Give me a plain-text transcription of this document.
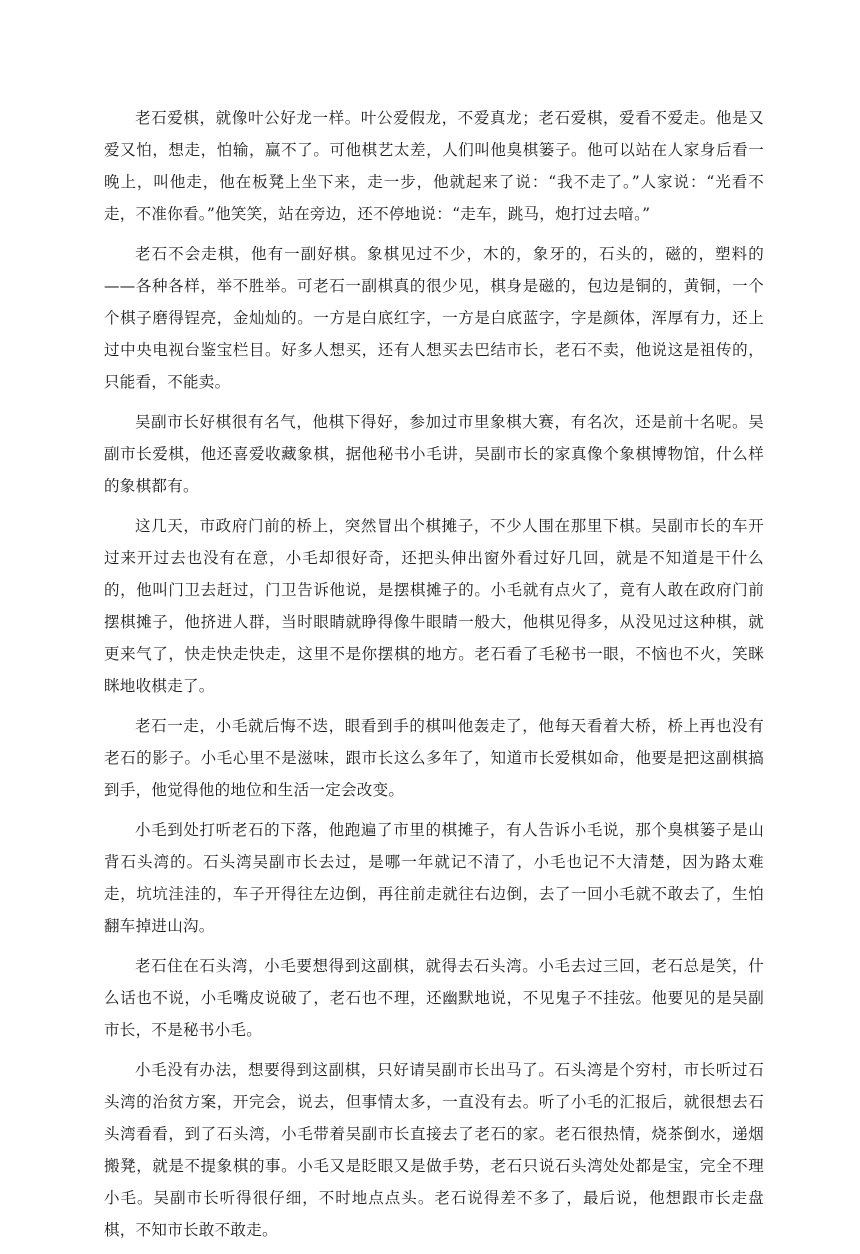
老石爱棋，就像叶公好龙一样。叶公爱假龙，不爱真龙；老石爱棋，爱看不爱走。他是又爱又怕，想走，怕输，赢不了。可他棋艺太差，人们叫他臭棋篓子。他可以站在人家身后看一晚上，叫他走，他在板凳上坐下来，走一步，他就起来了说：“我不走了。”人家说：“光看不走，不准你看。”他笑笑，站在旁边，还不停地说：“走车，跳马，炮打过去喑。”

老石不会走棋，他有一副好棋。象棋见过不少，木的，象牙的，石头的，磁的，塑料的——各种各样，举不胜举。可老石一副棋真的很少见，棋身是磁的，包边是铜的，黄铜，一个个棋子磨得锃亮，金灿灿的。一方是白底红字，一方是白底蓝字，字是颜体，浑厚有力，还上过中央电视台鉴宝栏目。好多人想买，还有人想买去巴结市长，老石不卖，他说这是祖传的，只能看，不能卖。

吴副市长好棋很有名气，他棋下得好，参加过市里象棋大赛，有名次，还是前十名呢。吴副市长爱棋，他还喜爱收藏象棋，据他秘书小毛讲，吴副市长的家真像个象棋博物馆，什么样的象棋都有。

这几天，市政府门前的桥上，突然冒出个棋摊子，不少人围在那里下棋。吴副市长的车开过来开过去也没有在意，小毛却很好奇，还把头伸出窗外看过好几回，就是不知道是干什么的，他叫门卫去赶过，门卫告诉他说，是摆棋摊子的。小毛就有点火了，竟有人敢在政府门前摆棋摊子，他挤进人群，当时眼睛就睁得像牛眼睛一般大，他棋见得多，从没见过这种棋，就更来气了，快走快走快走，这里不是你摆棋的地方。老石看了毛秘书一眼，不恼也不火，笑眯眯地收棋走了。

老石一走，小毛就后悔不迭，眼看到手的棋叫他轰走了，他每天看着大桥，桥上再也没有老石的影子。小毛心里不是滋味，跟市长这么多年了，知道市长爱棋如命，他要是把这副棋搞到手，他觉得他的地位和生活一定会改变。

小毛到处打听老石的下落，他跑遍了市里的棋摊子，有人告诉小毛说，那个臭棋篓子是山背石头湾的。石头湾吴副市长去过，是哪一年就记不清了，小毛也记不大清楚，因为路太难走，坑坑洼洼的，车子开得往左边倒，再往前走就往右边倒，去了一回小毛就不敢去了，生怕翻车掉进山沟。

老石住在石头湾，小毛要想得到这副棋，就得去石头湾。小毛去过三回，老石总是笑，什么话也不说，小毛嘴皮说破了，老石也不理，还幽默地说，不见鬼子不挂弦。他要见的是吴副市长，不是秘书小毛。

小毛没有办法，想要得到这副棋，只好请吴副市长出马了。石头湾是个穷村，市长听过石头湾的治贫方案，开完会，说去，但事情太多，一直没有去。听了小毛的汇报后，就很想去石头湾看看，到了石头湾，小毛带着吴副市长直接去了老石的家。老石很热情，烧茶倒水，递烟搬凳，就是不提象棋的事。小毛又是眨眼又是做手势，老石只说石头湾处处都是宝，完全不理小毛。吴副市长听得很仔细，不时地点点头。老石说得差不多了，最后说，他想跟市长走盘棋，不知市长敢不敢走。
